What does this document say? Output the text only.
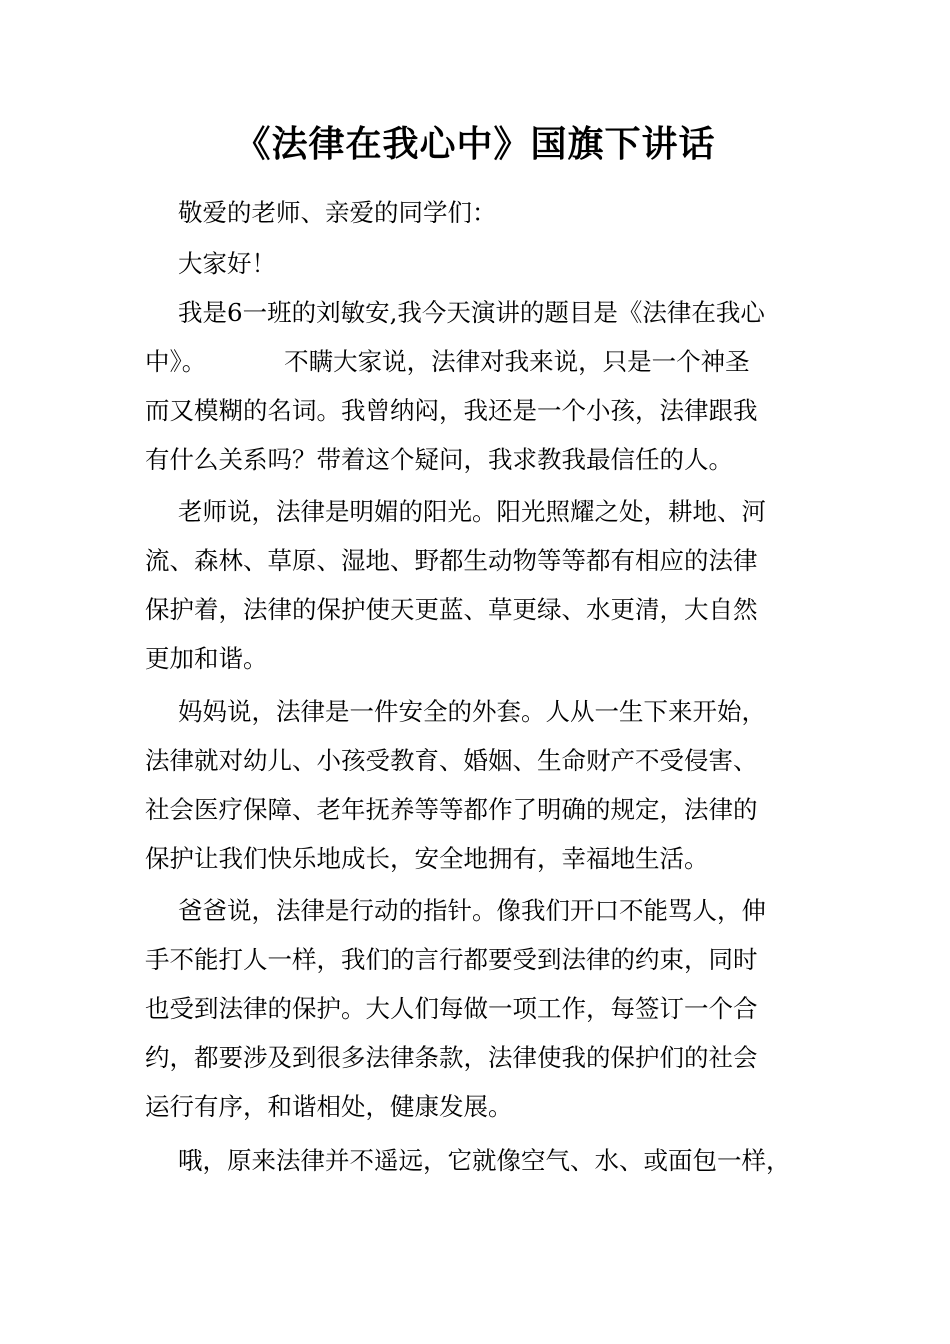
《法律在我心中》国旗下讲话
敬爱的老师、亲爱的同学们：
大家好！
我是6一班的刘敏安,我今天演讲的题目是《法律在我心
中》。          不瞒大家说，法律对我来说，只是一个神圣
而又模糊的名词。我曾纳闷，我还是一个小孩，法律跟我
有什么关系吗？带着这个疑问，我求教我最信任的人。
老师说，法律是明媚的阳光。阳光照耀之处，耕地、河
流、森林、草原、湿地、野都生动物等等都有相应的法律
保护着，法律的保护使天更蓝、草更绿、水更清，大自然
更加和谐。
妈妈说，法律是一件安全的外套。人从一生下来开始，
法律就对幼儿、小孩受教育、婚姻、生命财产不受侵害、
社会医疗保障、老年抚养等等都作了明确的规定，法律的
保护让我们快乐地成长，安全地拥有，幸福地生活。
爸爸说，法律是行动的指针。像我们开口不能骂人，伸
手不能打人一样，我们的言行都要受到法律的约束，同时
也受到法律的保护。大人们每做一项工作，每签订一个合
约，都要涉及到很多法律条款，法律使我的保护们的社会
运行有序，和谐相处，健康发展。
哦，原来法律并不遥远，它就像空气、水、或面包一样，
